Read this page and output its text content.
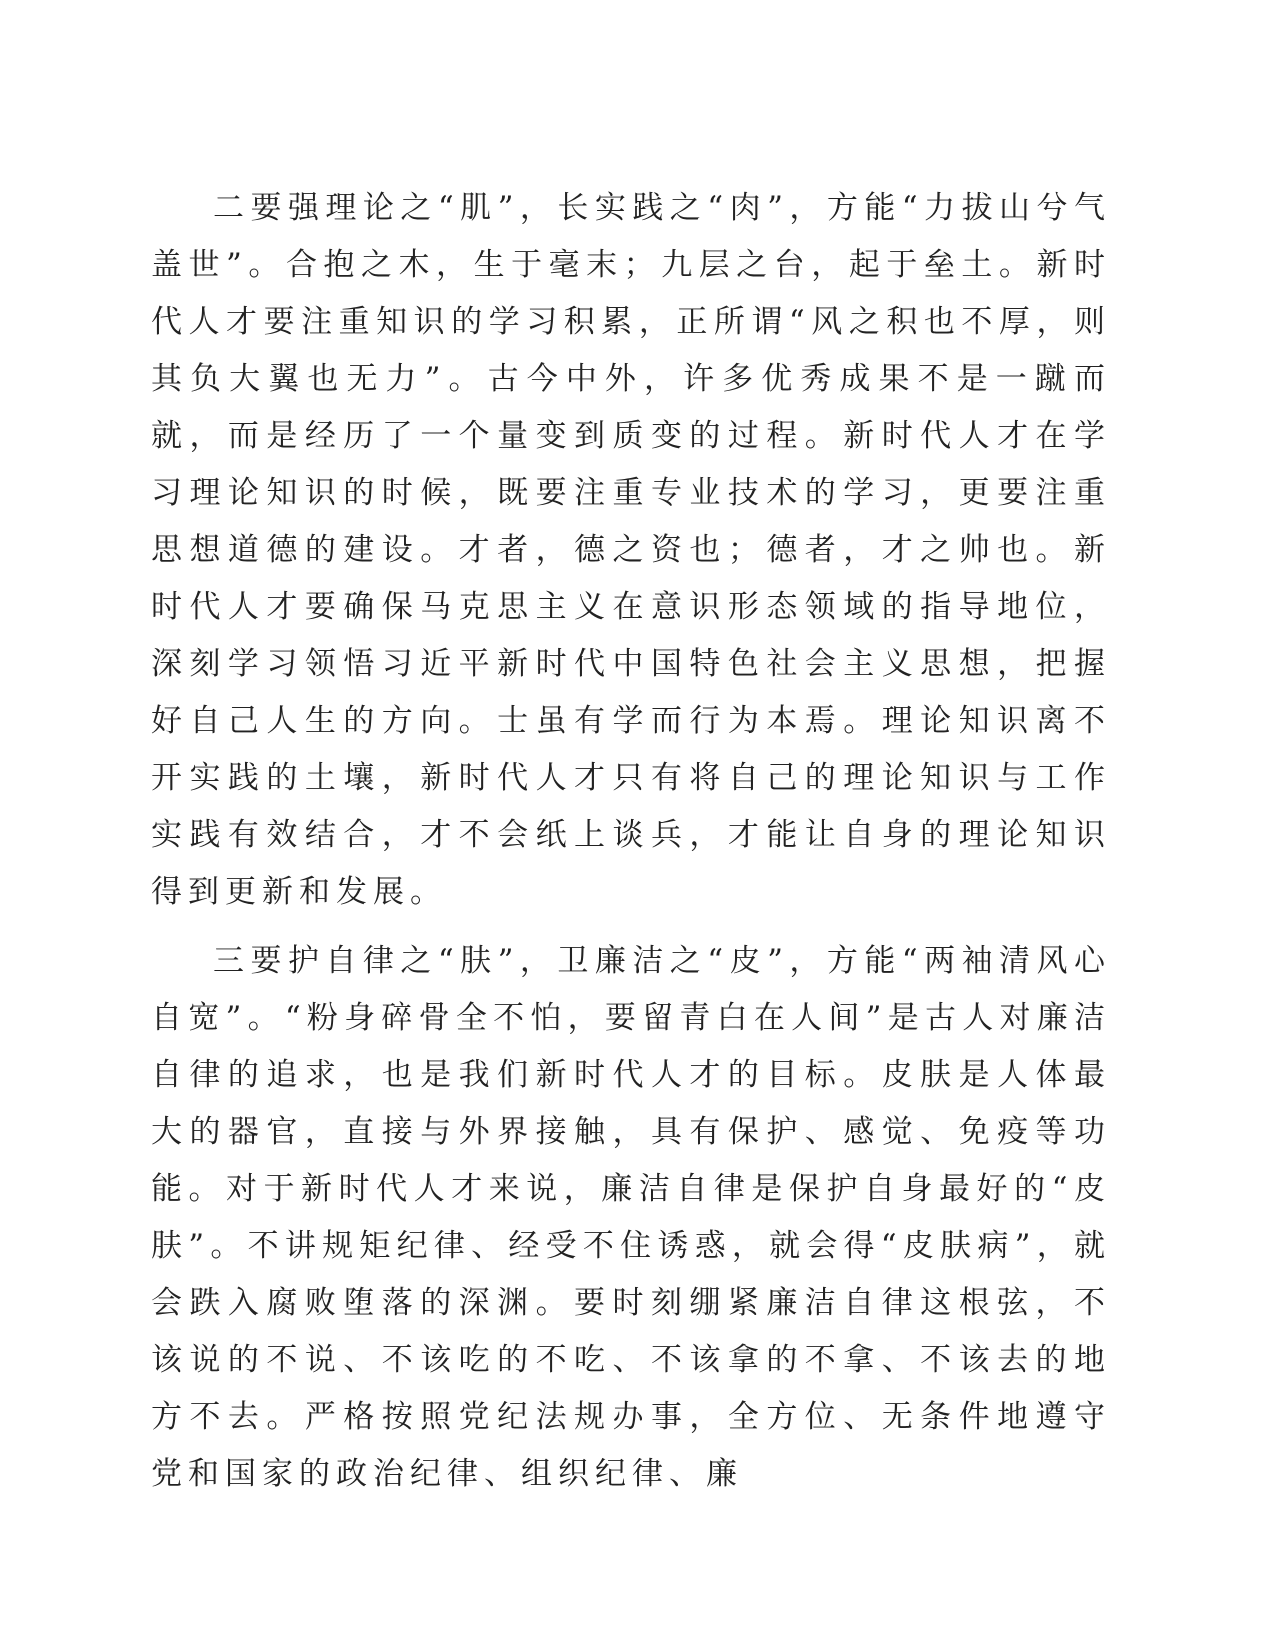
二要强理论之“肌”，长实践之“肉”，方能“力拔山兮气盖世”。合抱之木，生于毫末；九层之台，起于垒土。新时代人才要注重知识的学习积累，正所谓“风之积也不厚，则其负大翼也无力”。古今中外，许多优秀成果不是一蹴而就，而是经历了一个量变到质变的过程。新时代人才在学习理论知识的时候，既要注重专业技术的学习，更要注重思想道德的建设。才者，德之资也；德者，才之帅也。新时代人才要确保马克思主义在意识形态领域的指导地位，深刻学习领悟习近平新时代中国特色社会主义思想，把握好自己人生的方向。士虽有学而行为本焉。理论知识离不开实践的土壤，新时代人才只有将自己的理论知识与工作实践有效结合，才不会纸上谈兵，才能让自身的理论知识得到更新和发展。

三要护自律之“肤”，卫廉洁之“皮”，方能“两袖清风心自宽”。“粉身碎骨全不怕，要留青白在人间”是古人对廉洁自律的追求，也是我们新时代人才的目标。皮肤是人体最大的器官，直接与外界接触，具有保护、感觉、免疫等功能。对于新时代人才来说，廉洁自律是保护自身最好的“皮肤”。不讲规矩纪律、经受不住诱惑，就会得“皮肤病”，就会跌入腐败堕落的深渊。要时刻绷紧廉洁自律这根弦，不该说的不说、不该吃的不吃、不该拿的不拿、不该去的地方不去。严格按照党纪法规办事，全方位、无条件地遵守党和国家的政治纪律、组织纪律、廉
